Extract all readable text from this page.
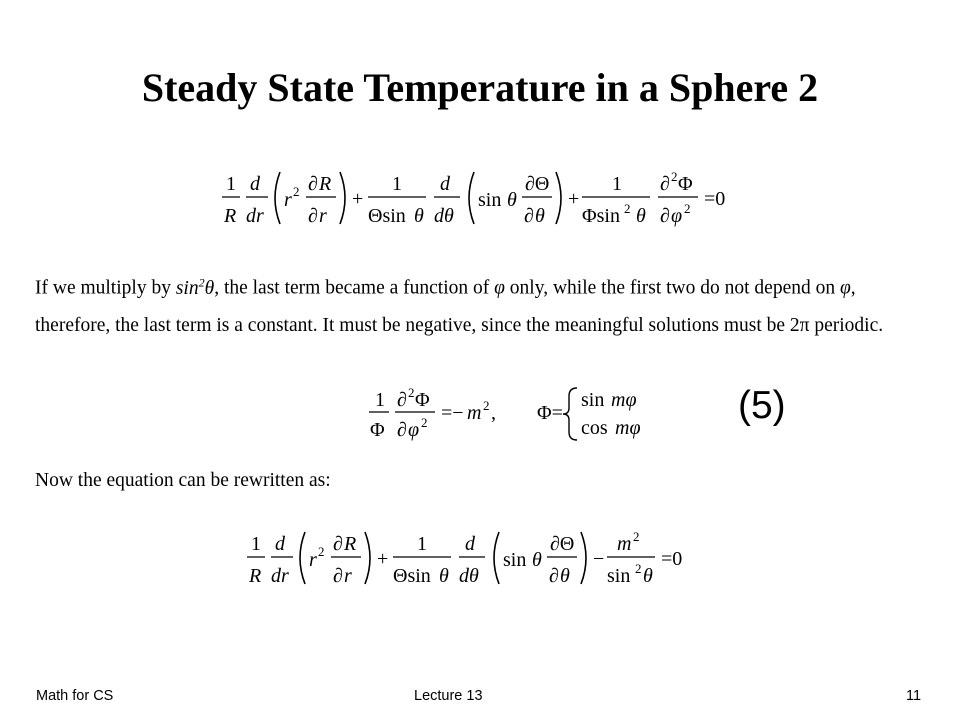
Steady State Temperature in a Sphere 2
1
R
d
dr
r 2 ∂ R
∂ r
+
1
Θsin θ
d
dθ
sin θ
∂Θ
∂ θ
+
1
Φsin 2 θ
∂ 2 Φ
∂ φ 2 =0
If we multiply by $\sin^2\theta$, the last term became a function of φ only, while the first two do not depend on φ, therefore, the last term is a constant. It must be negative, since the meaningful solutions must be 2π periodic.
1
Φ
∂ 2 Φ
∂ φ 2 =− m 2 , Φ=
sin mφ
cos mφ
(5)
Now the equation can be rewritten as:
1
R
d
dr
r 2 ∂ R
∂ r
+
1
Θsin θ
d
dθ
sin θ
∂Θ
∂ θ
−
m 2
sin 2 θ
=0
Math for CS	Lecture 13	11
